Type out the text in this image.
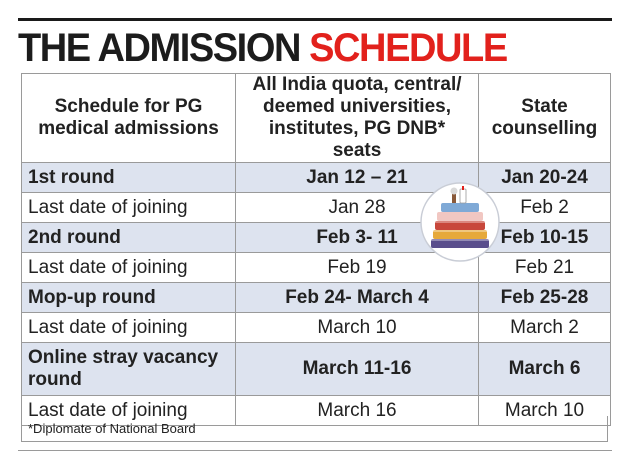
THE ADMISSION SCHEDULE
Schedule for PG medical admissions	All India quota, central/ deemed universities, institutes, PG DNB* seats	State counselling
1st round	Jan 12 – 21	Jan 20-24
Last date of joining	Jan 28	Feb 2
2nd round	Feb 3- 11	Feb 10-15
Last date of joining	Feb 19	Feb 21
Mop-up round	Feb 24- March 4	Feb 25-28
Last date of joining	March 10	March 2
Online stray vacancy round	March 11-16	March 6
Last date of joining	March 16	March 10
*Diplomate of National Board
